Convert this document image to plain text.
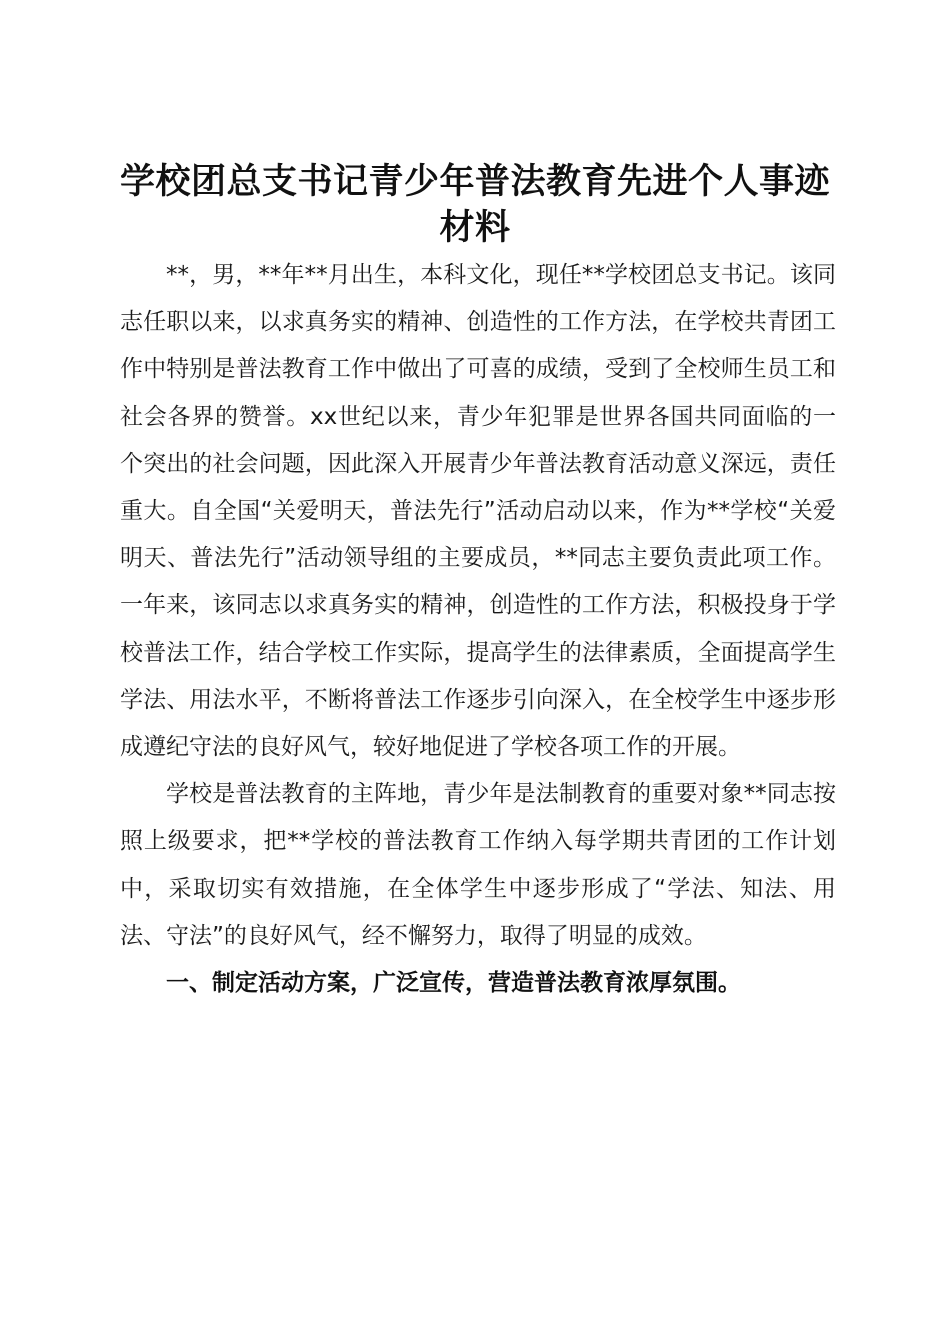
学校团总支书记青少年普法教育先进个人事迹
材料

**，男，**年**月出生，本科文化，现任**学校团总支书记。该同志任职以来，以求真务实的精神、创造性的工作方法，在学校共青团工作中特别是普法教育工作中做出了可喜的成绩，受到了全校师生员工和社会各界的赞誉。xx世纪以来，青少年犯罪是世界各国共同面临的一个突出的社会问题，因此深入开展青少年普法教育活动意义深远，责任重大。自全国“关爱明天，普法先行”活动启动以来，作为**学校“关爱明天、普法先行”活动领导组的主要成员，**同志主要负责此项工作。一年来，该同志以求真务实的精神，创造性的工作方法，积极投身于学校普法工作，结合学校工作实际，提高学生的法律素质，全面提高学生学法、用法水平，不断将普法工作逐步引向深入，在全校学生中逐步形成遵纪守法的良好风气，较好地促进了学校各项工作的开展。

学校是普法教育的主阵地，青少年是法制教育的重要对象**同志按照上级要求，把**学校的普法教育工作纳入每学期共青团的工作计划中，采取切实有效措施，在全体学生中逐步形成了“学法、知法、用法、守法”的良好风气，经不懈努力，取得了明显的成效。

一、制定活动方案，广泛宣传，营造普法教育浓厚氛围。
